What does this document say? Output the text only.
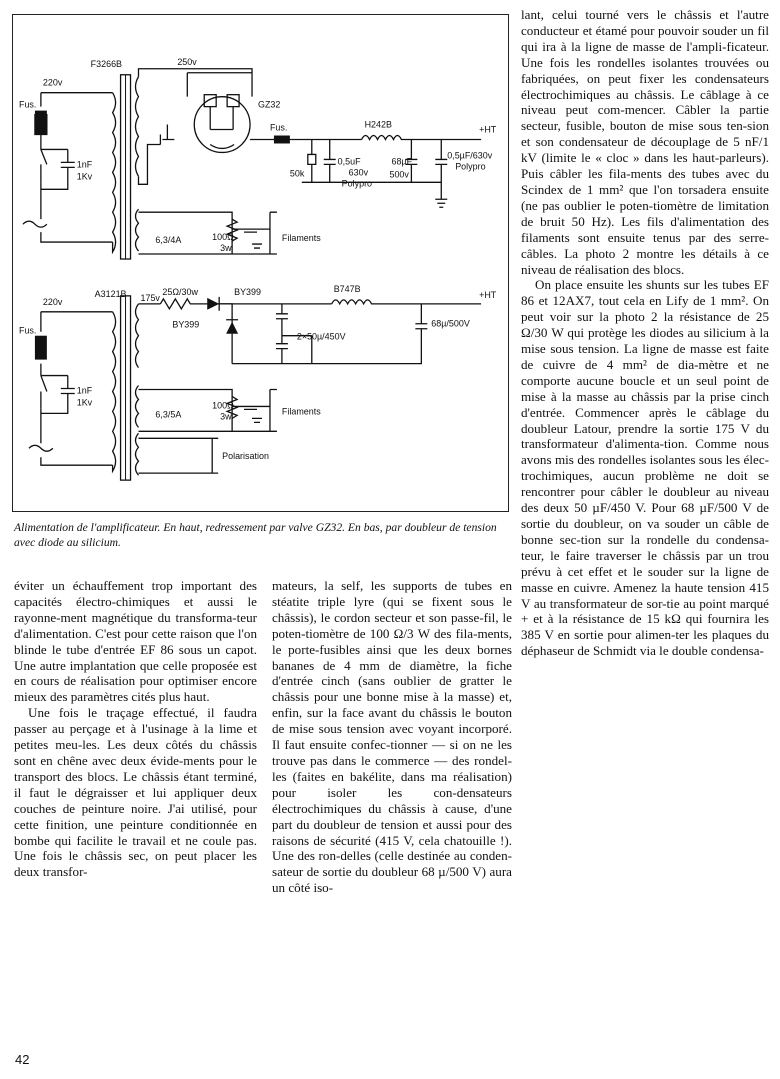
220v
Fus.
1nF
1Kv
F3266B	250v
GZ32
Fus.	H242B	+HT
50k
0,5uF
630v
Polypro
68µF
500v
0,5µF/630v
Polypro
6,3/4A	100Ω
3w
Filaments
220v
Fus.
1nF
1Kv
A3121B 175v
25Ω/30w	BY399
BY399
2×50µ/450V
B747B
+HT
68µ/500V
6,3/5A
100Ω
3w	Filaments
Polarisation
Alimentation de l'amplificateur. En haut, redressement par valve GZ32. En bas, par doubleur de tension avec diode au silicium.

éviter un échauffement trop important des capacités électro-chimiques et aussi le rayonne-ment magnétique du transforma-teur d'alimentation. C'est pour cette raison que l'on blinde le tube d'entrée EF 86 sous un capot. Une autre implantation que celle proposée est en cours de réalisation pour optimiser encore mieux des paramètres cités plus haut.

Une fois le traçage effectué, il faudra passer au perçage et à l'usinage à la lime et petites meu-les. Les deux côtés du châssis sont en chêne avec deux évide-ments pour le transport des blocs. Le châssis étant terminé, il faut le dégraisser et lui appliquer deux couches de peinture noire. J'ai utilisé, pour cette finition, une peinture conditionnée en bombe qui facilite le travail et ne coule pas. Une fois le châssis sec, on peut placer les deux transfor-

mateurs, la self, les supports de tubes en stéatite triple lyre (qui se fixent sous le châssis), le cordon secteur et son passe-fil, le poten-tiomètre de 100 Ω/3 W des fila-ments, le porte-fusibles ainsi que les deux bornes bananes de 4 mm de diamètre, la fiche d'entrée cinch (sans oublier de gratter le châssis pour une bonne mise à la masse) et, enfin, sur la face avant du châssis le bouton de mise sous tension avec voyant incorporé. Il faut ensuite confec-tionner — si on ne les trouve pas dans le commerce — des rondel-les (faites en bakélite, dans ma réalisation) pour isoler les con-densateurs électrochimiques du châssis à cause, d'une part du doubleur de tension et aussi pour des raisons de sécurité (415 V, cela chatouille !). Une des ron-delles (celle destinée au conden-sateur de sortie du doubleur 68 µ/500 V) aura un côté iso-

lant, celui tourné vers le châssis et l'autre conducteur et étamé pour pouvoir souder un fil qui ira à la ligne de masse de l'ampli-ficateur. Une fois les rondelles isolantes trouvées ou fabriquées, on peut fixer les condensateurs électrochimiques au châssis. Le câblage à ce niveau peut com-mencer. Câbler la partie secteur, fusible, bouton de mise sous ten-sion et son condensateur de découplage de 5 nF/1 kV (limite le « cloc » dans les haut-parleurs). Puis câbler les fila-ments des tubes avec du Scindex de 1 mm² que l'on torsadera ensuite (ne pas oublier le poten-tiomètre de limitation de bruit 50 Hz). Les fils d'alimentation des filaments sont ensuite tenus par des serre-câbles. La photo 2 montre les détails à ce niveau de réalisation des blocs.

On place ensuite les shunts sur les tubes EF 86 et 12AX7, tout cela en Lify de 1 mm². On peut voir sur la photo 2 la résistance de 25 Ω/30 W qui protège les diodes au silicium à la mise sous tension. La ligne de masse est faite de cuivre de 4 mm² de dia-mètre et ne comporte aucune boucle et un seul point de mise à la masse au châssis par la prise cinch d'entrée. Commencer après le câblage du doubleur Latour, prendre la sortie 175 V du transformateur d'alimenta-tion. Comme nous avons mis des rondelles isolantes sous les élec-trochimiques, aucun problème ne doit se rencontrer pour câbler le doubleur au niveau des deux 50 µF/450 V. Pour 68 µF/500 V de sortie du doubleur, on va souder un câble de bonne sec-tion sur la rondelle du condensa-teur, le faire traverser le châssis par un trou prévu à cet effet et le souder sur la ligne de masse en cuivre. Amenez la haute tension 415 V au transformateur de sor-tie au point marqué + et à la résistance de 15 kΩ qui fournira les 385 V en sortie pour alimen-ter les plaques du déphaseur de Schmidt via le double condensa-

42
